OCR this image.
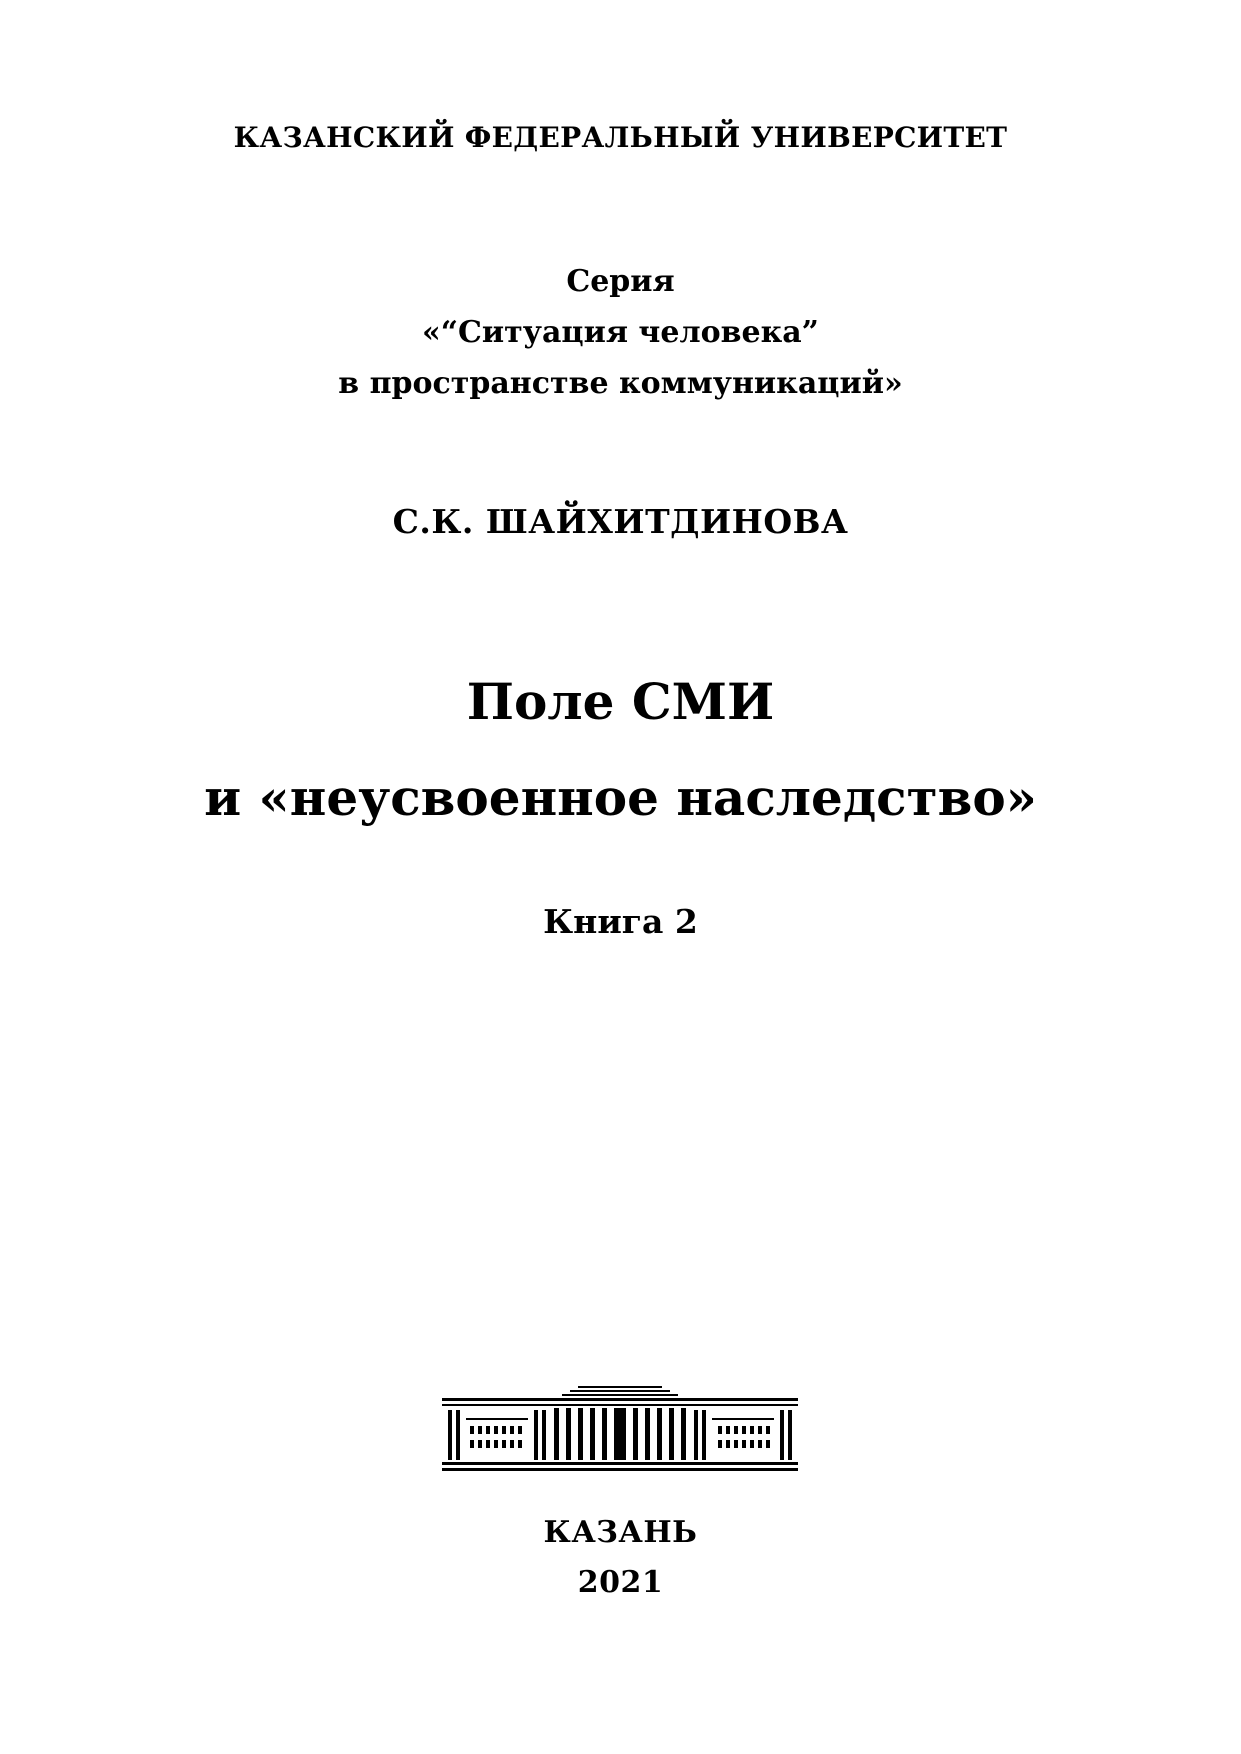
КАЗАНСКИЙ ФЕДЕРАЛЬНЫЙ УНИВЕРСИТЕТ
Серия
«“Ситуация человека”
в пространстве коммуникаций»
С.К. ШАЙХИТДИНОВА
Поле СМИ
и «неусвоенное наследство»
Книга 2
КАЗАНЬ
2021
